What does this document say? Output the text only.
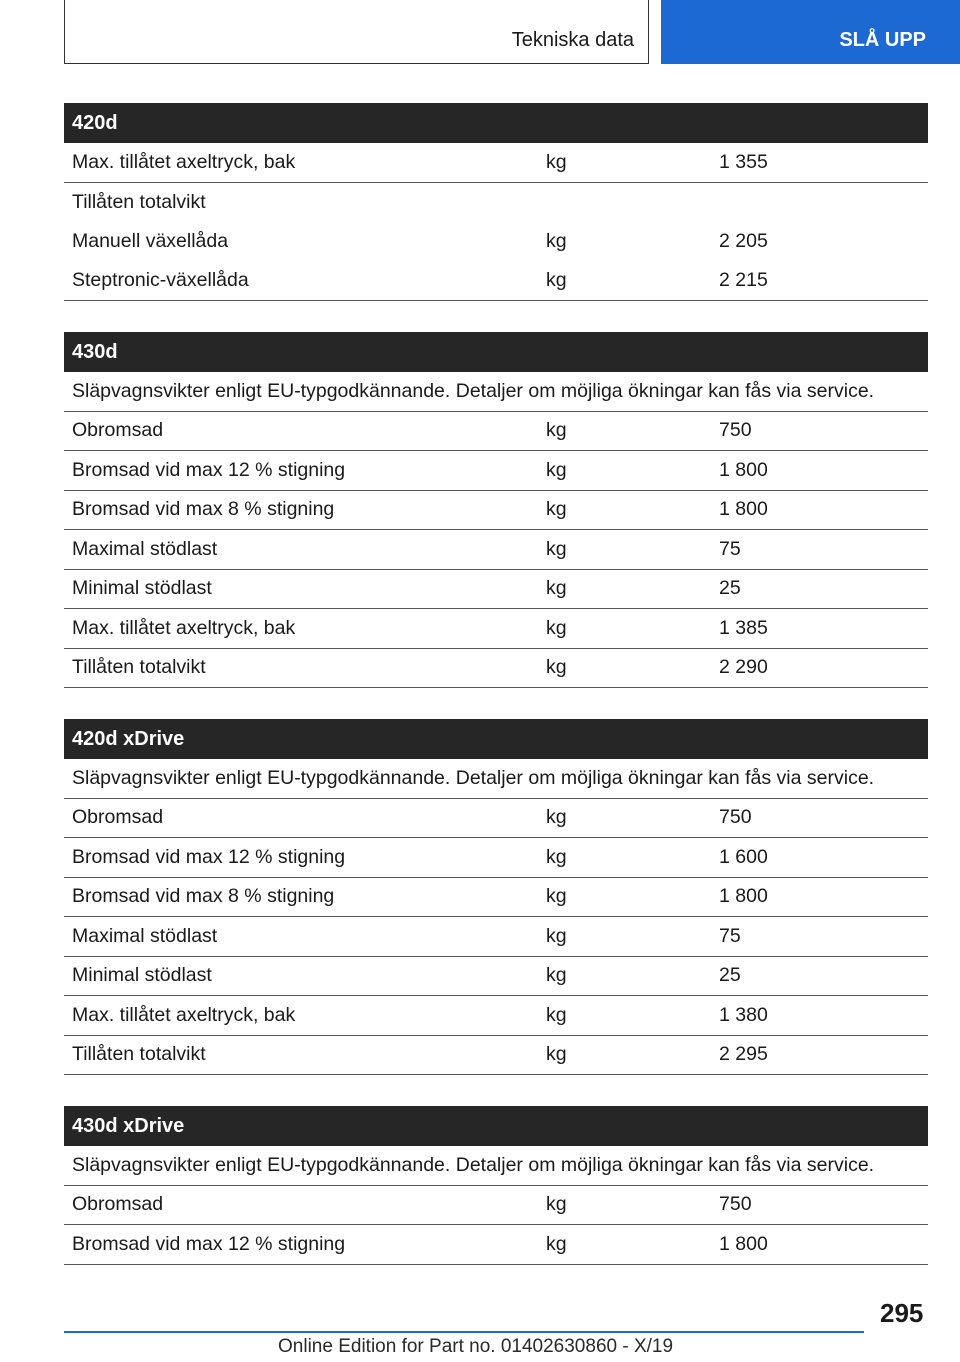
Tekniska data	SLÅ UPP
420d
Max. tillåtet axeltryck, bak	kg	1 355
Tillåten totalvikt
Manuell växellåda	kg	2 205
Steptronic-växellåda	kg	2 215
430d
Släpvagnsvikter enligt EU-typgodkännande. Detaljer om möjliga ökningar kan fås via service.
Obromsad	kg	750
Bromsad vid max 12 % stigning	kg	1 800
Bromsad vid max 8 % stigning	kg	1 800
Maximal stödlast	kg	75
Minimal stödlast	kg	25
Max. tillåtet axeltryck, bak	kg	1 385
Tillåten totalvikt	kg	2 290
420d xDrive
Släpvagnsvikter enligt EU-typgodkännande. Detaljer om möjliga ökningar kan fås via service.
Obromsad	kg	750
Bromsad vid max 12 % stigning	kg	1 600
Bromsad vid max 8 % stigning	kg	1 800
Maximal stödlast	kg	75
Minimal stödlast	kg	25
Max. tillåtet axeltryck, bak	kg	1 380
Tillåten totalvikt	kg	2 295
430d xDrive
Släpvagnsvikter enligt EU-typgodkännande. Detaljer om möjliga ökningar kan fås via service.
Obromsad	kg	750
Bromsad vid max 12 % stigning	kg	1 800
295
Online Edition for Part no. 01402630860 - X/19
